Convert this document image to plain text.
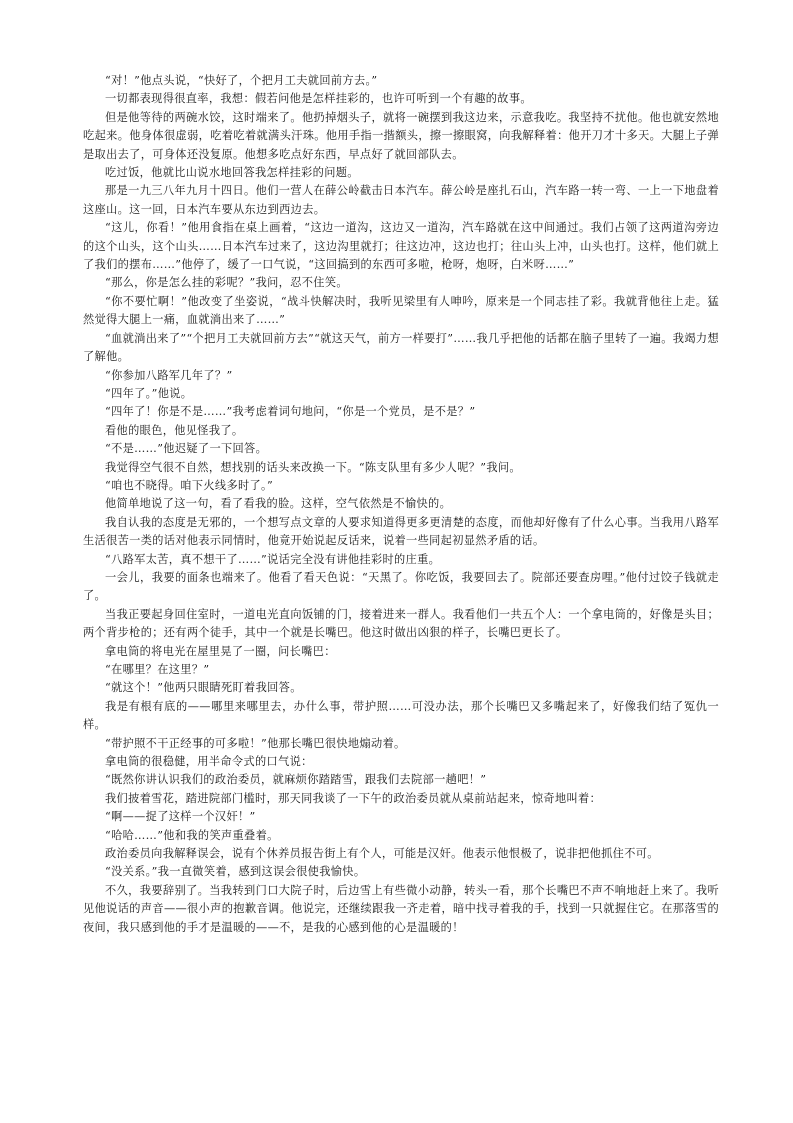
“对！”他点头说，“快好了，个把月工夫就回前方去。”

一切都表现得很直率，我想：假若问他是怎样挂彩的，也许可听到一个有趣的故事。

但是他等待的两碗水饺，这时端来了。他扔掉烟头子，就将一碗摆到我这边来，示意我吃。我坚持不扰他。他也就安然地吃起来。他身体很虚弱，吃着吃着就满头汗珠。他用手指一揩额头，擦一擦眼窝，向我解释着：他开刀才十多天。大腿上子弹是取出去了，可身体还没复原。他想多吃点好东西，早点好了就回部队去。

吃过饭，他就比山说水地回答我怎样挂彩的问题。

那是一九三八年九月十四日。他们一营人在薛公岭截击日本汽车。薛公岭是座扎石山，汽车路一转一弯、一上一下地盘着这座山。这一回，日本汽车要从东边到西边去。

“这儿，你看！”他用食指在桌上画着，“这边一道沟，这边又一道沟，汽车路就在这中间通过。我们占领了这两道沟旁边的这个山头，这个山头……日本汽车过来了，这边沟里就打；往这边冲，这边也打；往山头上冲，山头也打。这样，他们就上了我们的摆布……”他停了，缓了一口气说，“这回搞到的东西可多啦，枪呀，炮呀，白米呀……”

“那么，你是怎么挂的彩呢？”我问，忍不住笑。

“你不要忙啊！”他改变了坐姿说，“战斗快解决时，我听见梁里有人呻吟，原来是一个同志挂了彩。我就背他往上走。猛然觉得大腿上一痛，血就淌出来了……”

“血就淌出来了”“个把月工夫就回前方去”“就这天气，前方一样要打”……我几乎把他的话都在脑子里转了一遍。我竭力想了解他。

“你参加八路军几年了？”

“四年了。”他说。

“四年了！你是不是……”我考虑着词句地问，“你是一个党员，是不是？”

看他的眼色，他见怪我了。

“不是……”他迟疑了一下回答。

我觉得空气很不自然，想找别的话头来改换一下。“陈支队里有多少人呢？”我问。

“咱也不晓得。咱下火线多时了。”

他简单地说了这一句，看了看我的脸。这样，空气依然是不愉快的。

我自认我的态度是无邪的，一个想写点文章的人要求知道得更多更清楚的态度，而他却好像有了什么心事。当我用八路军生活很苦一类的话对他表示同情时，他竟开始说起反话来，说着一些同起初显然矛盾的话。

“八路军太苦，真不想干了……”说话完全没有讲他挂彩时的庄重。

一会儿，我要的面条也端来了。他看了看天色说：“天黑了。你吃饭，我要回去了。院部还要查房哩。”他付过饺子钱就走了。

当我正要起身回住室时，一道电光直向饭铺的门，接着进来一群人。我看他们一共五个人：一个拿电筒的，好像是头目；两个背步枪的；还有两个徒手，其中一个就是长嘴巴。他这时做出凶狠的样子，长嘴巴更长了。

拿电筒的将电光在屋里晃了一圈，问长嘴巴：

“在哪里？在这里？”

“就这个！”他两只眼睛死盯着我回答。

我是有根有底的——哪里来哪里去，办什么事，带护照……可没办法，那个长嘴巴又多嘴起来了，好像我们结了冤仇一样。

“带护照不干正经事的可多啦！”他那长嘴巴很快地煽动着。

拿电筒的很稳健，用半命令式的口气说：

“既然你讲认识我们的政治委员，就麻烦你踏踏雪，跟我们去院部一趟吧！”

我们披着雪花，踏进院部门槛时，那天同我谈了一下午的政治委员就从桌前站起来，惊奇地叫着：

“啊——捉了这样一个汉奸！”

“哈哈……”他和我的笑声重叠着。

政治委员向我解释误会，说有个休养员报告街上有个人，可能是汉奸。他表示他恨极了，说非把他抓住不可。

“没关系。”我一直微笑着，感到这误会很使我愉快。

不久，我要辞别了。当我转到门口大院子时，后边雪上有些微小动静，转头一看，那个长嘴巴不声不响地赶上来了。我听见他说话的声音——很小声的抱歉音调。他说完，还继续跟我一齐走着，暗中找寻着我的手，找到一只就握住它。在那落雪的夜间，我只感到他的手才是温暖的——不，是我的心感到他的心是温暖的！
